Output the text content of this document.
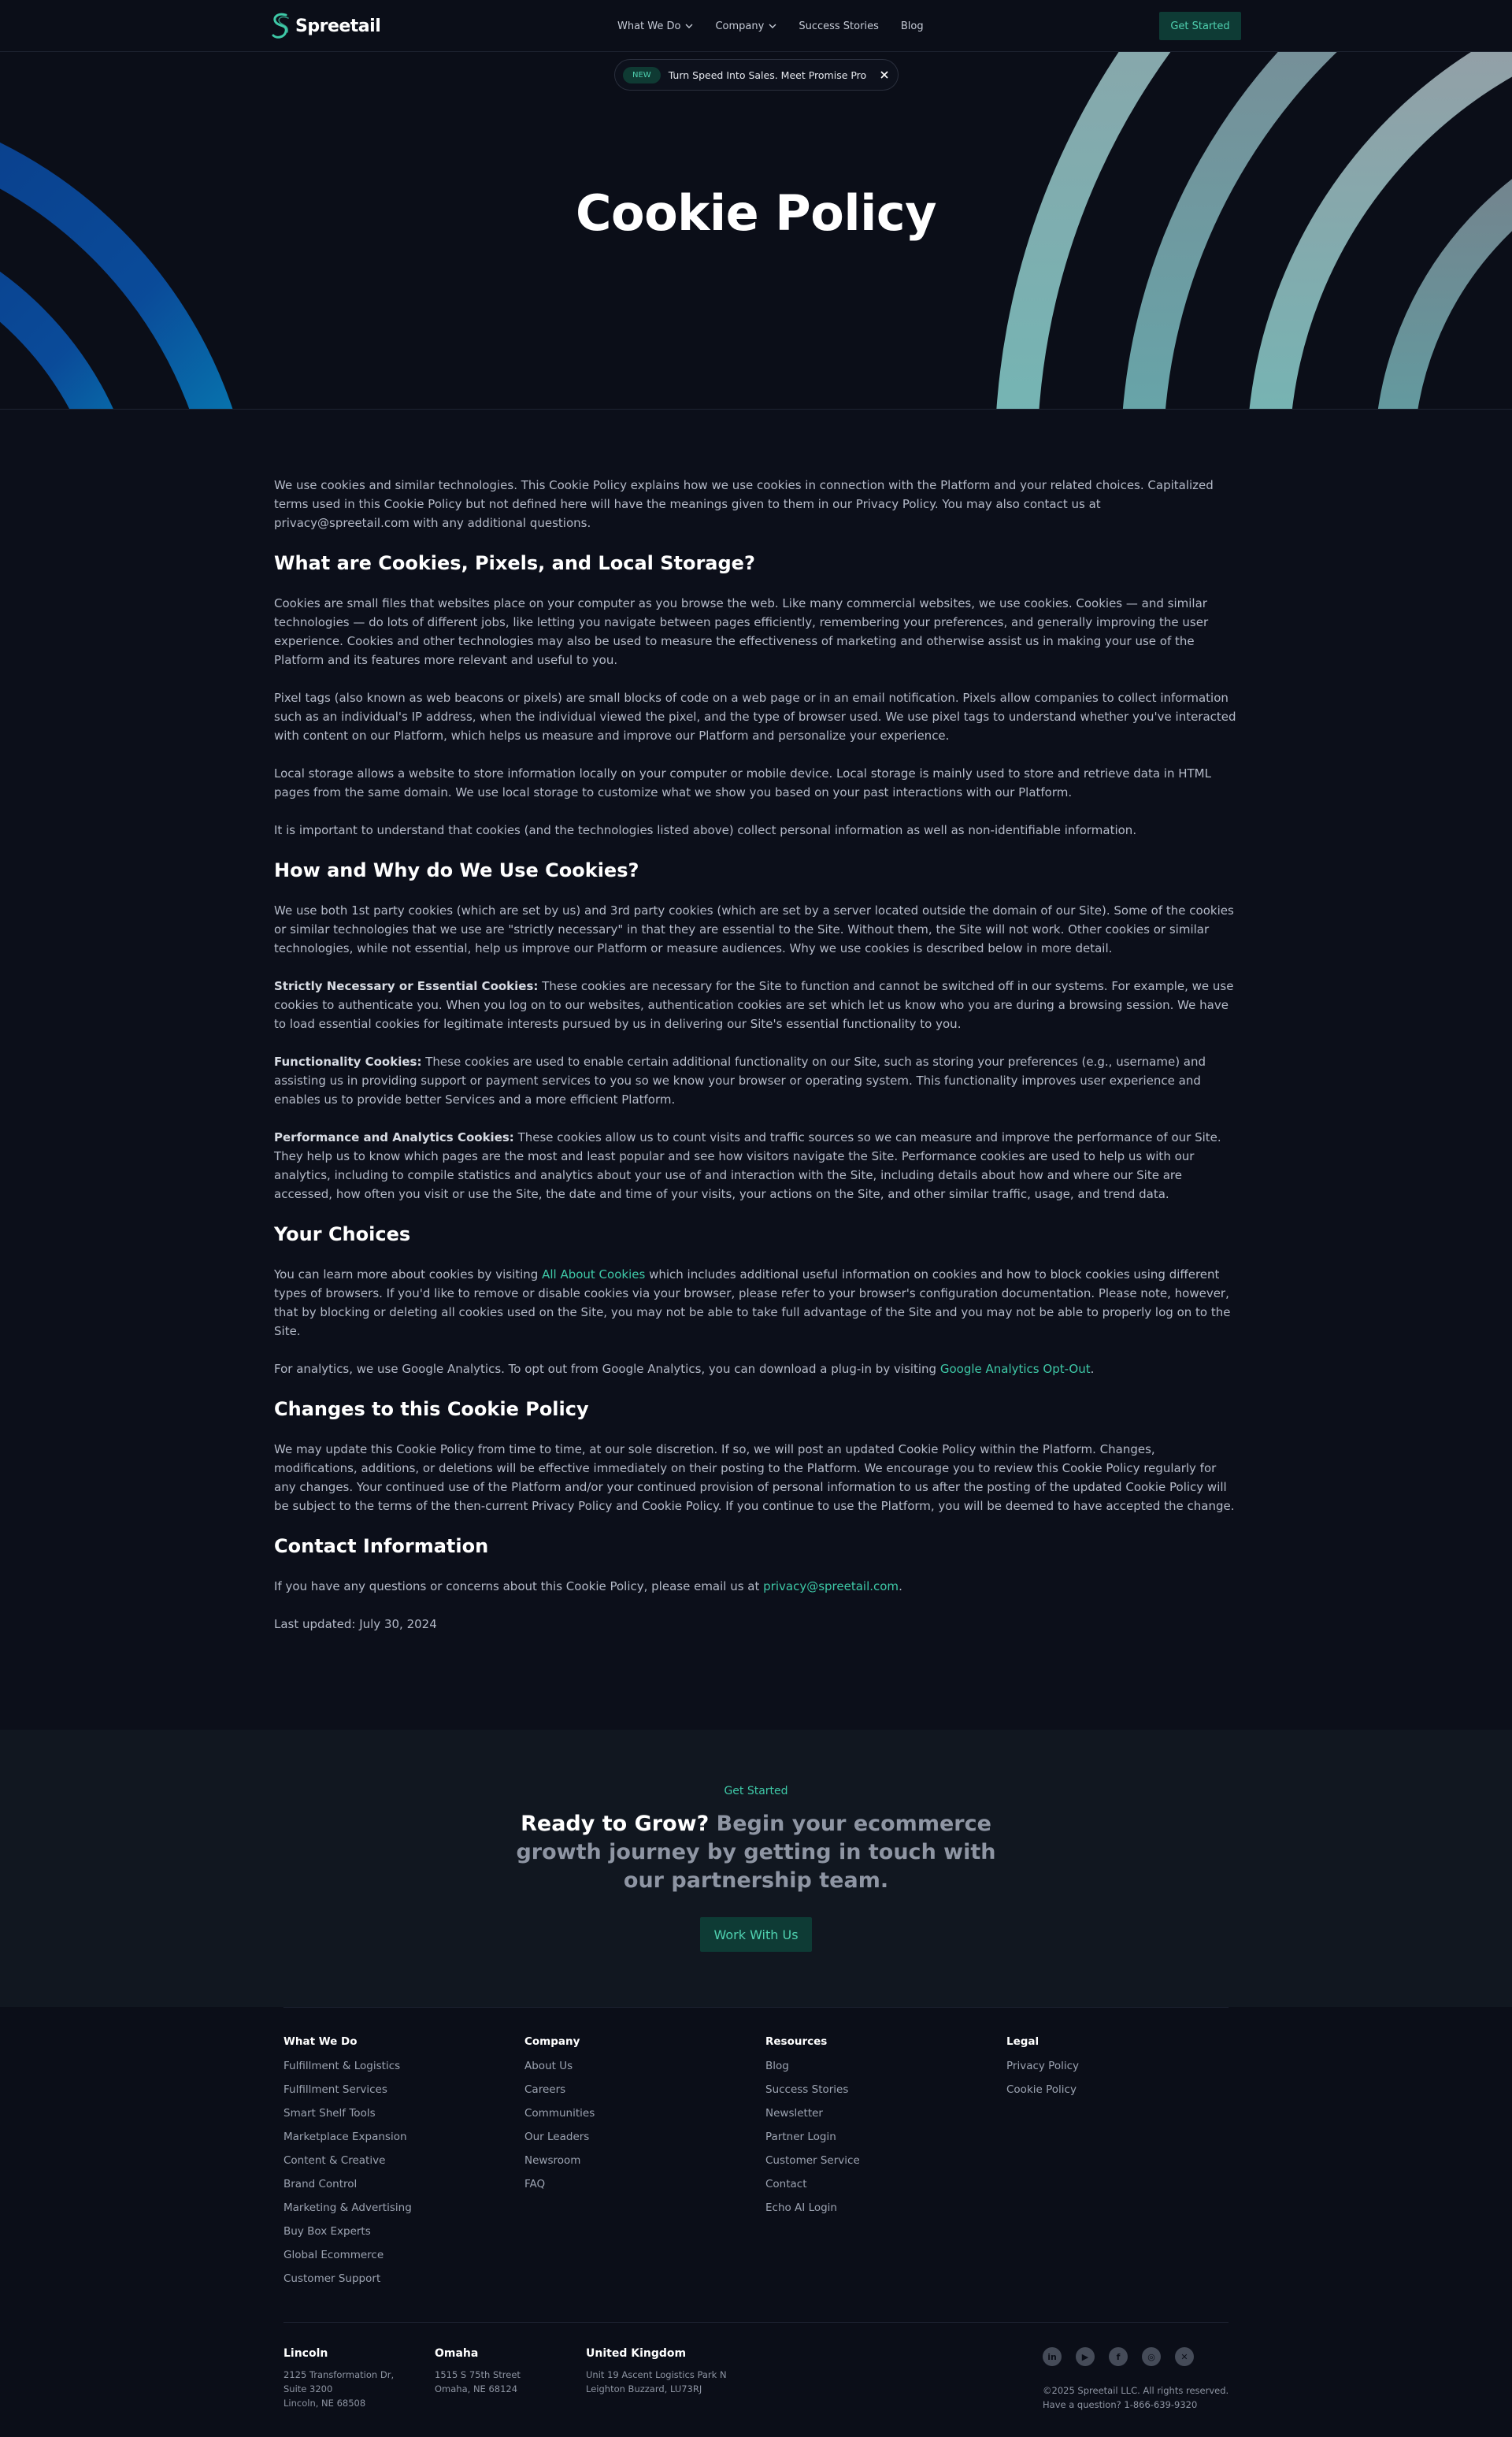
Spreetail	What We Do	Company	Success Stories Blog	Get Started
NEW	Turn Speed Into Sales. Meet Promise Pro
Cookie Policy

We use cookies and similar technologies. This Cookie Policy explains how we use cookies in connection with the Platform and your related choices. Capitalized terms used in this Cookie Policy but not defined here will have the meanings given to them in our Privacy Policy. You may also contact us at privacy@spreetail.com with any additional questions.

What are Cookies, Pixels, and Local Storage?

Cookies are small files that websites place on your computer as you browse the web. Like many commercial websites, we use cookies. Cookies — and similar technologies — do lots of different jobs, like letting you navigate between pages efficiently, remembering your preferences, and generally improving the user experience. Cookies and other technologies may also be used to measure the effectiveness of marketing and otherwise assist us in making your use of the Platform and its features more relevant and useful to you.

Pixel tags (also known as web beacons or pixels) are small blocks of code on a web page or in an email notification. Pixels allow companies to collect information such as an individual's IP address, when the individual viewed the pixel, and the type of browser used. We use pixel tags to understand whether you've interacted with content on our Platform, which helps us measure and improve our Platform and personalize your experience.

Local storage allows a website to store information locally on your computer or mobile device. Local storage is mainly used to store and retrieve data in HTML pages from the same domain. We use local storage to customize what we show you based on your past interactions with our Platform.

It is important to understand that cookies (and the technologies listed above) collect personal information as well as non-identifiable information.

How and Why do We Use Cookies?

We use both 1st party cookies (which are set by us) and 3rd party cookies (which are set by a server located outside the domain of our Site). Some of the cookies or similar technologies that we use are "strictly necessary" in that they are essential to the Site. Without them, the Site will not work. Other cookies or similar technologies, while not essential, help us improve our Platform or measure audiences. Why we use cookies is described below in more detail.

Strictly Necessary or Essential Cookies: These cookies are necessary for the Site to function and cannot be switched off in our systems. For example, we use cookies to authenticate you. When you log on to our websites, authentication cookies are set which let us know who you are during a browsing session. We have to load essential cookies for legitimate interests pursued by us in delivering our Site's essential functionality to you.

Functionality Cookies: These cookies are used to enable certain additional functionality on our Site, such as storing your preferences (e.g., username) and assisting us in providing support or payment services to you so we know your browser or operating system. This functionality improves user experience and enables us to provide better Services and a more efficient Platform.

Performance and Analytics Cookies: These cookies allow us to count visits and traffic sources so we can measure and improve the performance of our Site. They help us to know which pages are the most and least popular and see how visitors navigate the Site. Performance cookies are used to help us with our analytics, including to compile statistics and analytics about your use of and interaction with the Site, including details about how and where our Site are accessed, how often you visit or use the Site, the date and time of your visits, your actions on the Site, and other similar traffic, usage, and trend data.

Your Choices

You can learn more about cookies by visiting All About Cookies which includes additional useful information on cookies and how to block cookies using different types of browsers. If you'd like to remove or disable cookies via your browser, please refer to your browser's configuration documentation. Please note, however, that by blocking or deleting all cookies used on the Site, you may not be able to take full advantage of the Site and you may not be able to properly log on to the Site.

For analytics, we use Google Analytics. To opt out from Google Analytics, you can download a plug-in by visiting Google Analytics Opt-Out.

Changes to this Cookie Policy

We may update this Cookie Policy from time to time, at our sole discretion. If so, we will post an updated Cookie Policy within the Platform. Changes, modifications, additions, or deletions will be effective immediately on their posting to the Platform. We encourage you to review this Cookie Policy regularly for any changes. Your continued use of the Platform and/or your continued provision of personal information to us after the posting of the updated Cookie Policy will be subject to the terms of the then-current Privacy Policy and Cookie Policy. If you continue to use the Platform, you will be deemed to have accepted the change.

Contact Information

If you have any questions or concerns about this Cookie Policy, please email us at privacy@spreetail.com.

Last updated: July 30, 2024

Get Started
Ready to Grow? Begin your ecommerce growth journey by getting in touch with our partnership team.
Work With Us
What We Do
Fulfillment & Logistics
Fulfillment Services
Smart Shelf Tools
Marketplace Expansion
Content & Creative
Brand Control
Marketing & Advertising
Buy Box Experts
Global Ecommerce
Customer Support
Company
About Us
Careers
Communities
Our Leaders
Newsroom
FAQ
Resources
Blog
Success Stories
Newsletter
Partner Login
Customer Service
Contact
Echo AI Login
Legal
Privacy Policy
Cookie Policy
Lincoln
2125 Transformation Dr,
Suite 3200
Lincoln, NE 68508
Omaha
1515 S 75th Street
Omaha, NE 68124
United Kingdom
Unit 19 Ascent Logistics Park N
Leighton Buzzard, LU73RJ
in	▶	f	◎	✕
©2025 Spreetail LLC. All rights reserved.
Have a question? 1-866-639-9320
